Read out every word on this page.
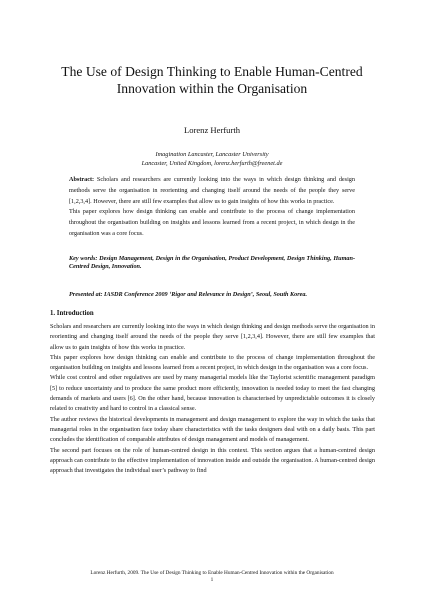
The Use of Design Thinking to Enable Human-Centred
Innovation within the Organisation
Lorenz Herfurth
Imagination Lancaster, Lancaster University
Lancaster, United Kingdom, lorenz.herfurth@freenet.de

Abstract: Scholars and researchers are currently looking into the ways in which design thinking and design methods serve the organisation in reorienting and changing itself around the needs of the people they serve [1,2,3,4]. However, there are still few examples that allow us to gain insights of how this works in practice.

This paper explores how design thinking can enable and contribute to the process of change implementation throughout the organisation building on insights and lessons learned from a recent project, in which design in the organisation was a core focus.

Key words: Design Management, Design in the Organisation, Product Development, Design Thinking, Human-Centred Design, Innovation.
Presented at: IASDR Conference 2009 ‘Rigor and Relevance in Design’, Seoul, South Korea.
1. Introduction

Scholars and researchers are currently looking into the ways in which design thinking and design methods serve the organisation in reorienting and changing itself around the needs of the people they serve [1,2,3,4]. However, there are still few examples that allow us to gain insights of how this works in practice.

This paper explores how design thinking can enable and contribute to the process of change implementation throughout the organisation building on insights and lessons learned from a recent project, in which design in the organisation was a core focus.

While cost control and other regulatives are used by many managerial models like the Taylorist scientific management paradigm [5] to reduce uncertainty and to produce the same product more efficiently, innovation is needed today to meet the fast changing demands of markets and users [6]. On the other hand, because innovation is characterised by unpredictable outcomes it is closely related to creativity and hard to control in a classical sense.

The author reviews the historical developments in management and design management to explore the way in which the tasks that managerial roles in the organisation face today share characteristics with the tasks designers deal with on a daily basis. This part concludes the identification of comparable attributes of design management and models of management.

The second part focuses on the role of human-centred design in this context. This section argues that a human-centred design approach can contribute to the effective implementation of innovation inside and outside the organisation. A human-centred design approach that investigates the individual user’s pathway to find

Lorenz Herfurth, 2009. The Use of Design Thinking to Enable Human-Centred Innovation within the Organisation
1
